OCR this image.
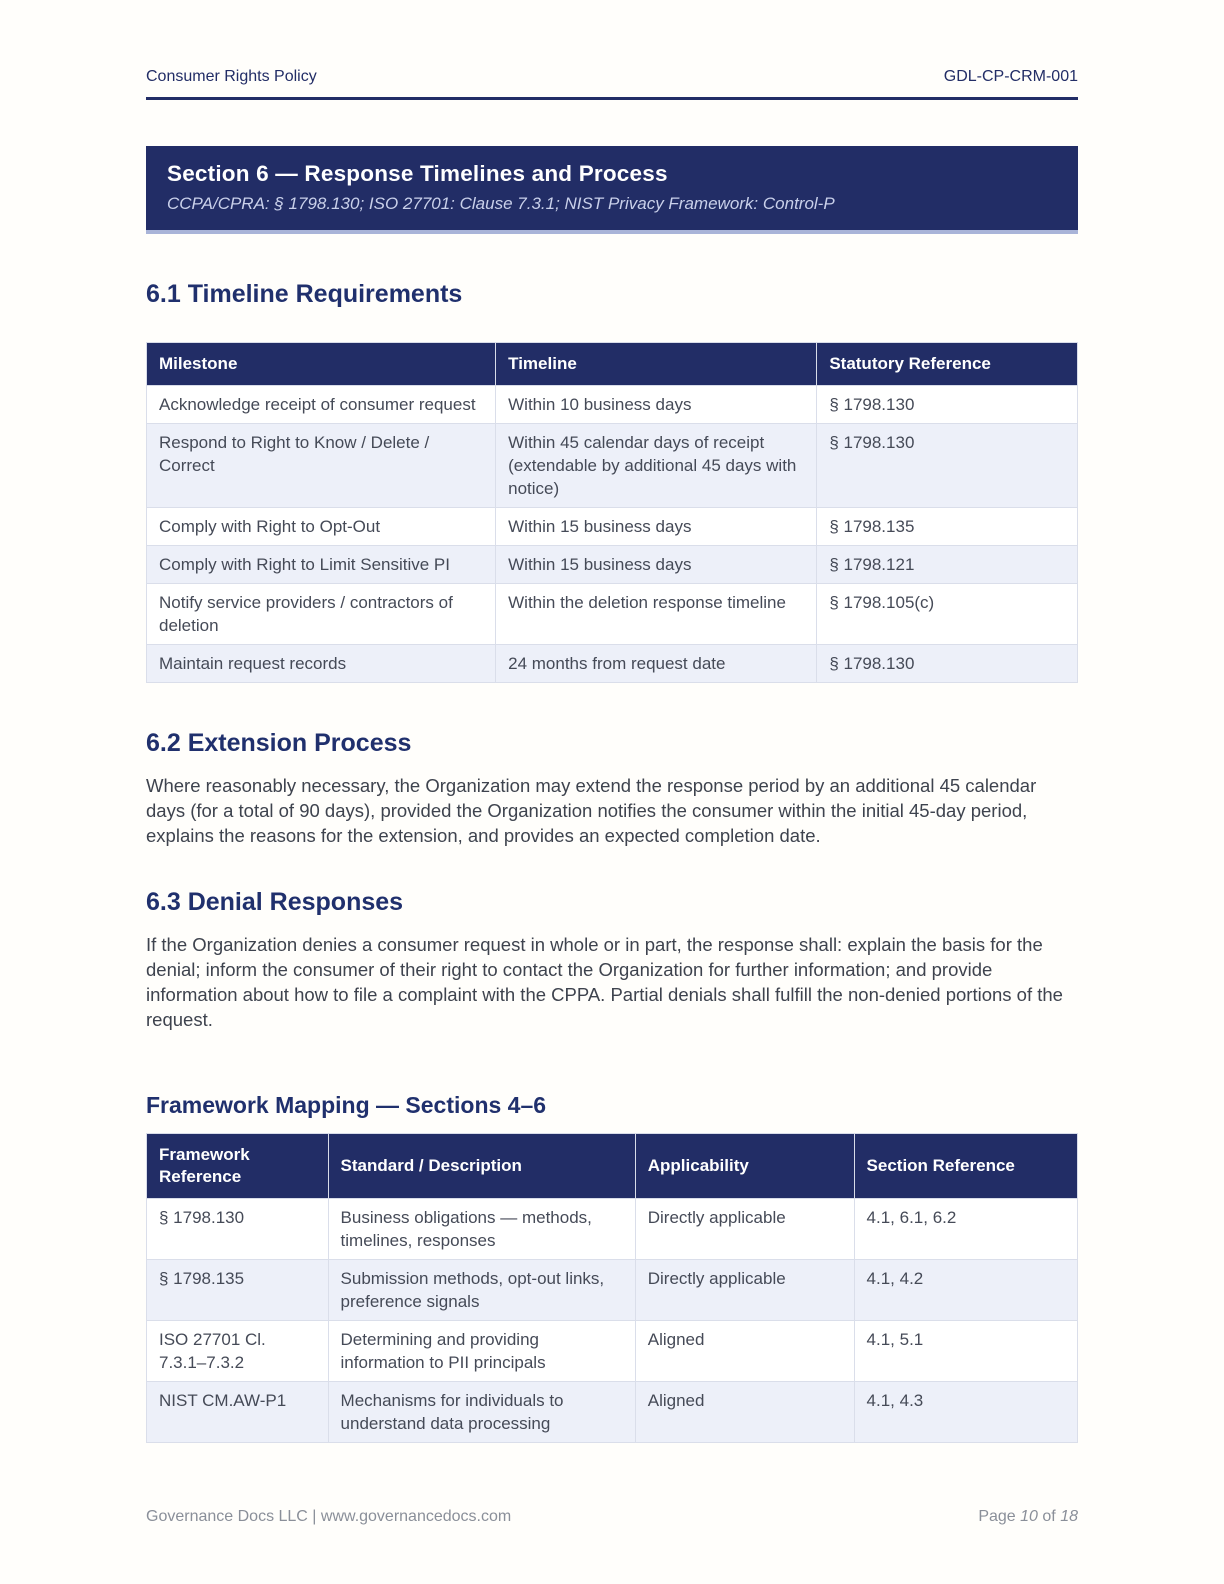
Consumer Rights Policy	GDL-CP-CRM-001
Section 6 — Response Timelines and Process
CCPA/CPRA: § 1798.130; ISO 27701: Clause 7.3.1; NIST Privacy Framework: Control-P
6.1 Timeline Requirements
Milestone	Timeline	Statutory Reference
Acknowledge receipt of consumer request	Within 10 business days	§ 1798.130
Respond to Right to Know / Delete / Correct	Within 45 calendar days of receipt (extendable by additional 45 days with notice)	§ 1798.130
Comply with Right to Opt-Out	Within 15 business days	§ 1798.135
Comply with Right to Limit Sensitive PI	Within 15 business days	§ 1798.121
Notify service providers / contractors of deletion	Within the deletion response timeline	§ 1798.105(c)
Maintain request records	24 months from request date	§ 1798.130
6.2 Extension Process

Where reasonably necessary, the Organization may extend the response period by an additional 45 calendar days (for a total of 90 days), provided the Organization notifies the consumer within the initial 45-day period, explains the reasons for the extension, and provides an expected completion date.

6.3 Denial Responses

If the Organization denies a consumer request in whole or in part, the response shall: explain the basis for the denial; inform the consumer of their right to contact the Organization for further information; and provide information about how to file a complaint with the CPPA. Partial denials shall fulfill the non-denied portions of the request.

Framework Mapping — Sections 4–6
Framework Reference	Standard / Description	Applicability	Section Reference
§ 1798.130	Business obligations — methods, timelines, responses	Directly applicable	4.1, 6.1, 6.2
§ 1798.135	Submission methods, opt-out links, preference signals	Directly applicable	4.1, 4.2
ISO 27701 Cl. 7.3.1–7.3.2	Determining and providing information to PII principals	Aligned	4.1, 5.1
NIST CM.AW-P1	Mechanisms for individuals to understand data processing	Aligned	4.1, 4.3
Governance Docs LLC | www.governancedocs.com	Page 10 of 18
